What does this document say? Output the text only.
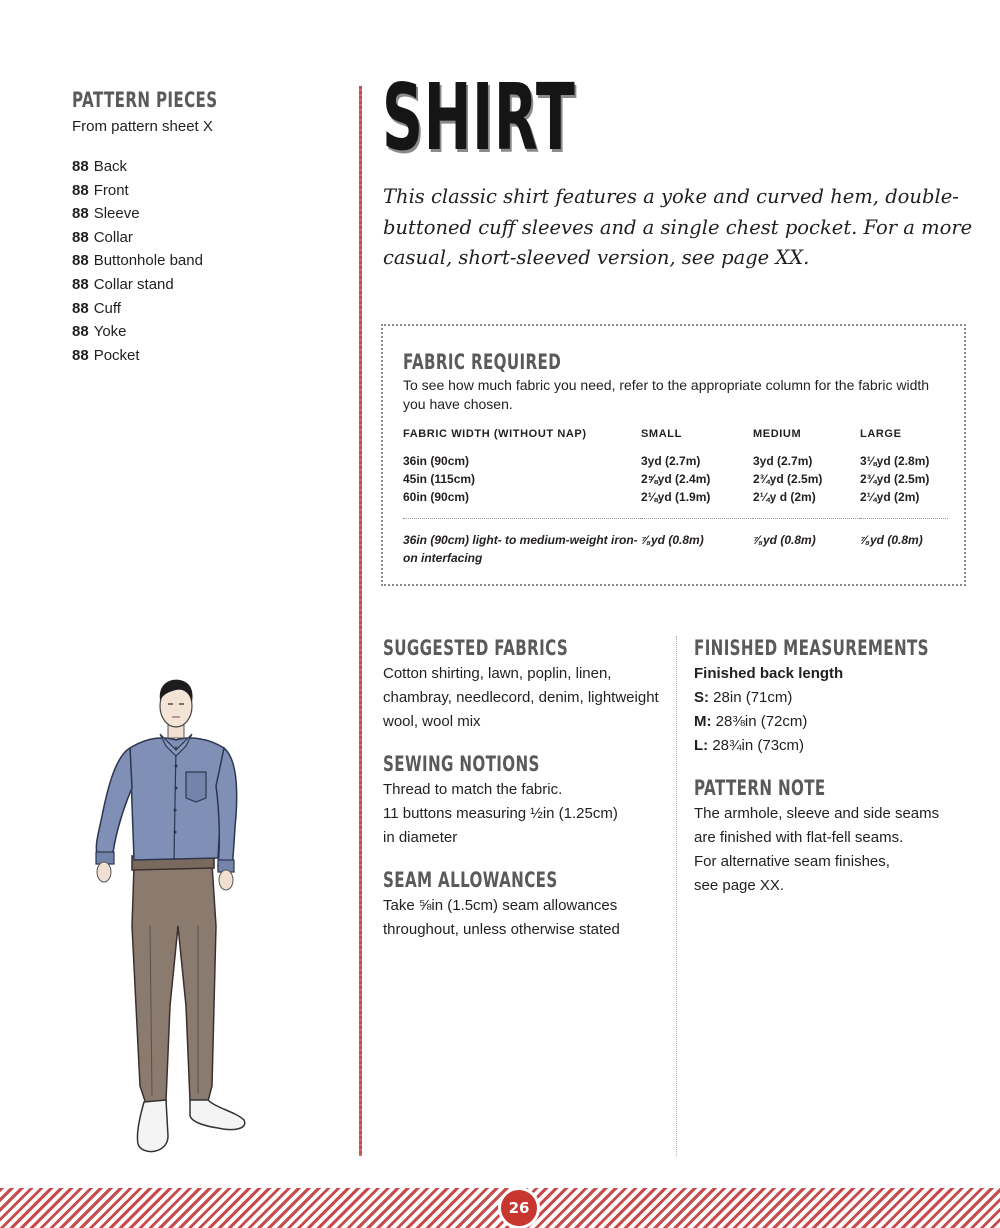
PATTERN PIECES
From pattern sheet X
88 Back
88 Front
88 Sleeve
88 Collar
88 Buttonhole band
88 Collar stand
88 Cuff
88 Yoke
88 Pocket
SHIRT

This classic shirt features a yoke and curved hem, double-buttoned cuff sleeves and a single chest pocket. For a more casual, short-sleeved version, see page XX.

FABRIC REQUIRED

To see how much fabric you need, refer to the appropriate column for the fabric width you have chosen.

FABRIC WIDTH (WITHOUT NAP)	SMALL	MEDIUM	LARGE
36in (90cm)	3yd (2.7m)	3yd (2.7m)	3⅛yd (2.8m)
45in (115cm)	2⅝yd (2.4m)	2¾yd (2.5m)	2¾yd (2.5m)
60in (90cm)	2⅛yd (1.9m)	2¼y d (2m)	2¼yd (2m)

36in (90cm) light- to medium-weight iron-on interfacing	⅞yd (0.8m)	⅞yd (0.8m)	⅞yd (0.8m)
SUGGESTED FABRICS

Cotton shirting, lawn, poplin, linen, chambray, needlecord, denim, lightweight wool, wool mix

SEWING NOTIONS

Thread to match the fabric.

11 buttons measuring ½in (1.25cm)

in diameter

SEAM ALLOWANCES

Take ⅝in (1.5cm) seam allowances throughout, unless otherwise stated

FINISHED MEASUREMENTS

Finished back length

S: 28in (71cm)

M: 28⅜in (72cm)

L: 28¾in (73cm)

PATTERN NOTE

The armhole, sleeve and side seams

are finished with flat-fell seams.

For alternative seam finishes,

see page XX.

26
